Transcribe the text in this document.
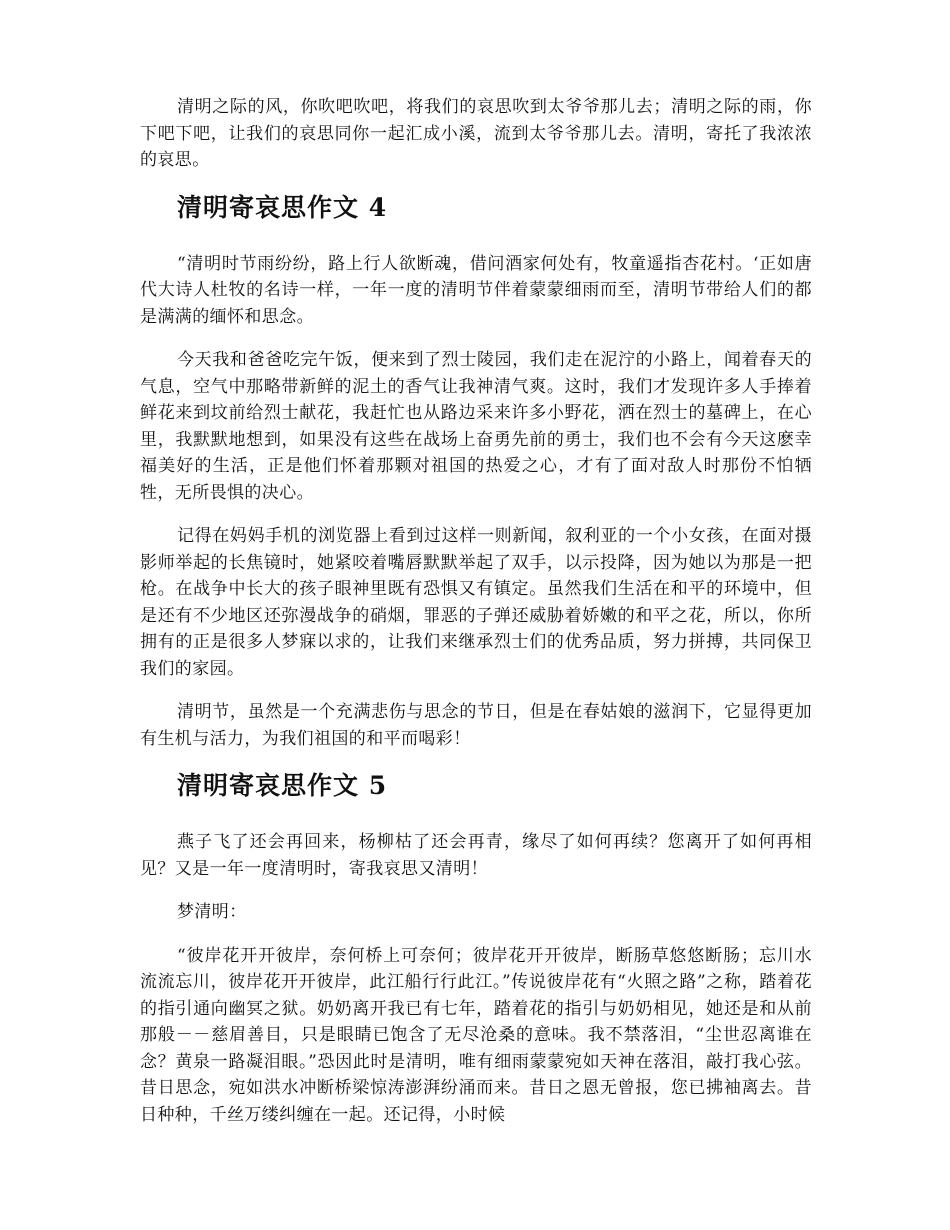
清明之际的风，你吹吧吹吧，将我们的哀思吹到太爷爷那儿去；清明之际的雨，你下吧下吧，让我们的哀思同你一起汇成小溪，流到太爷爷那儿去。清明，寄托了我浓浓的哀思。

清明寄哀思作文 4

“清明时节雨纷纷，路上行人欲断魂，借问酒家何处有，牧童遥指杏花村。‘正如唐代大诗人杜牧的名诗一样，一年一度的清明节伴着蒙蒙细雨而至，清明节带给人们的都是满满的缅怀和思念。

今天我和爸爸吃完午饭，便来到了烈士陵园，我们走在泥泞的小路上，闻着春天的气息，空气中那略带新鲜的泥土的香气让我神清气爽。这时，我们才发现许多人手捧着鲜花来到坟前给烈士献花，我赶忙也从路边采来许多小野花，洒在烈士的墓碑上，在心里，我默默地想到，如果没有这些在战场上奋勇先前的勇士，我们也不会有今天这麽幸福美好的生活，正是他们怀着那颗对祖国的热爱之心，才有了面对敌人时那份不怕牺牲，无所畏惧的决心。

记得在妈妈手机的浏览器上看到过这样一则新闻，叙利亚的一个小女孩，在面对摄影师举起的长焦镜时，她紧咬着嘴唇默默举起了双手，以示投降，因为她以为那是一把枪。在战争中长大的孩子眼神里既有恐惧又有镇定。虽然我们生活在和平的环境中，但是还有不少地区还弥漫战争的硝烟，罪恶的子弹还威胁着娇嫩的和平之花，所以，你所拥有的正是很多人梦寐以求的，让我们来继承烈士们的优秀品质，努力拼搏，共同保卫我们的家园。

清明节，虽然是一个充满悲伤与思念的节日，但是在春姑娘的滋润下，它显得更加有生机与活力，为我们祖国的和平而喝彩！

清明寄哀思作文 5

燕子飞了还会再回来，杨柳枯了还会再青，缘尽了如何再续？您离开了如何再相见？又是一年一度清明时，寄我哀思又清明！

梦清明：

“彼岸花开开彼岸，奈何桥上可奈何；彼岸花开开彼岸，断肠草悠悠断肠；忘川水流流忘川，彼岸花开开彼岸，此江船行行此江。”传说彼岸花有“火照之路”之称，踏着花的指引通向幽冥之狱。奶奶离开我已有七年，踏着花的指引与奶奶相见，她还是和从前那般－－慈眉善目，只是眼睛已饱含了无尽沧桑的意味。我不禁落泪，“尘世忍离谁在念？黄泉一路凝泪眼。”恐因此时是清明，唯有细雨蒙蒙宛如天神在落泪，敲打我心弦。昔日思念，宛如洪水冲断桥梁惊涛澎湃纷涌而来。昔日之恩无曾报，您已拂袖离去。昔日种种，千丝万缕纠缠在一起。还记得，小时候
